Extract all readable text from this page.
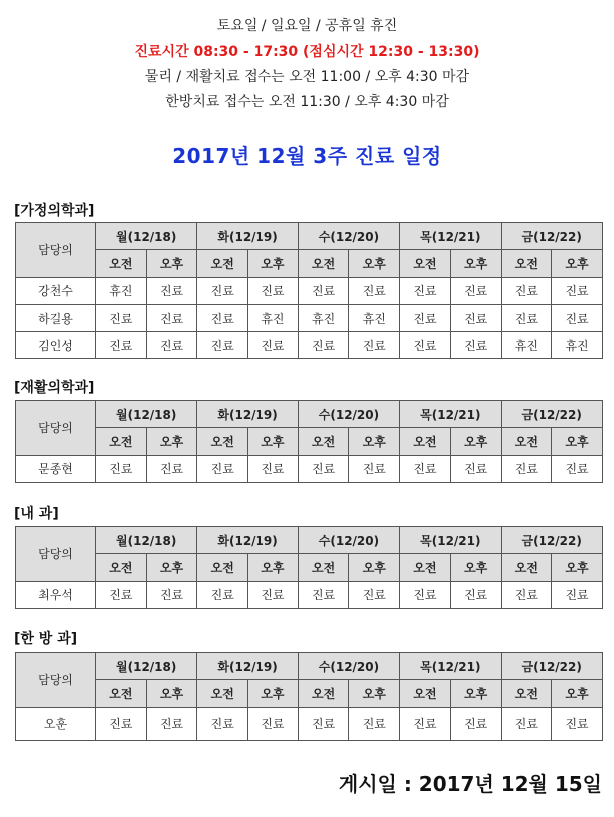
토요일 / 일요일 / 공휴일 휴진
진료시간 08:30 - 17:30 (점심시간 12:30 - 13:30)
물리 / 재활치료 접수는 오전 11:00 / 오후 4:30 마감
한방치료 접수는 오전 11:30 / 오후 4:30 마감
2017년 12월 3주 진료 일정
[가정의학과]
담당의	월(12/18)		화(12/19)		수(12/20)		목(12/21)		금(12/22)	
	오전	오후	오전	오후	오전	오후	오전	오후	오전	오후
강천수	휴진	진료	진료	진료	진료	진료	진료	진료	진료	진료
하길용	진료	진료	진료	휴진	휴진	휴진	진료	진료	진료	진료
김인성	진료	진료	진료	진료	진료	진료	진료	진료	휴진	휴진
[재활의학과]
담당의	월(12/18)		화(12/19)		수(12/20)		목(12/21)		금(12/22)	
	오전	오후	오전	오후	오전	오후	오전	오후	오전	오후
문종현	진료	진료	진료	진료	진료	진료	진료	진료	진료	진료
[내 과]
담당의	월(12/18)		화(12/19)		수(12/20)		목(12/21)		금(12/22)	
	오전	오후	오전	오후	오전	오후	오전	오후	오전	오후
최우석	진료	진료	진료	진료	진료	진료	진료	진료	진료	진료
[한 방 과]
담당의	월(12/18)		화(12/19)		수(12/20)		목(12/21)		금(12/22)	
	오전	오후	오전	오후	오전	오후	오전	오후	오전	오후
오훈	진료	진료	진료	진료	진료	진료	진료	진료	진료	진료
게시일 : 2017년 12월 15일
